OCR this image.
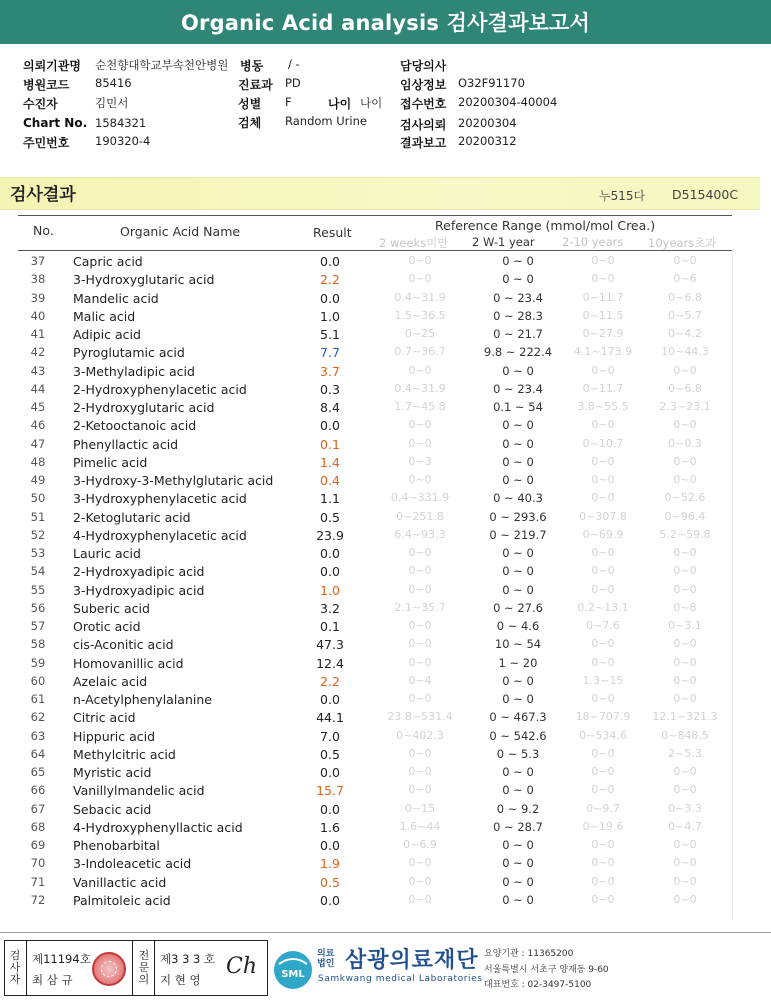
Organic Acid analysis 검사결과보고서
의뢰기관명 순천향대학교부속천안병원 병동 / -	담당의사
병원코드 85416	진료과 PD	임상정보 O32F91170
수진자	김민서	성별 F	나이 나이 접수번호 20200304-40004
Chart No. 1584321	검체 Random Urine	검사의뢰 20200304
주민번호 190320-4	결과보고 20200312
검사결과	누515다 D515400C
No.	Organic Acid Name	Result	Reference Range (mmol/mol Crea.)
2 weeks미만 2 W-1 year 2-10 years 10years초과
37	Capric acid	0.0	0~0	0 ~ 0	0~0	0~0
38	3-Hydroxyglutaric acid	2.2	0~0	0 ~ 0	0~0	0~6
39	Mandelic acid	0.0	0.4~31.9	0 ~ 23.4	0~11.7	0~6.8
40	Malic acid	1.0	1.5~36.5	0 ~ 28.3	0~11.5	0~5.7
41	Adipic acid	5.1	0~25	0 ~ 21.7	0~27.9	0~4.2
42	Pyroglutamic acid	7.7	0.7~36.7	9.8 ~ 222.4	4.1~173.9	10~44.3
43	3-Methyladipic acid	3.7	0~0	0 ~ 0	0~0	0~0
44	2-Hydroxyphenylacetic acid	0.3	0.4~31.9	0 ~ 23.4	0~11.7	0~6.8
45	2-Hydroxyglutaric acid	8.4	1.7~45.8	0.1 ~ 54	3.8~55.5	2.3~23.1
46	2-Ketooctanoic acid	0.0	0~0	0 ~ 0	0~0	0~0
47	Phenyllactic acid	0.1	0~0	0 ~ 0	0~10.7	0~0.3
48	Pimelic acid	1.4	0~3	0 ~ 0	0~0	0~0
49	3-Hydroxy-3-Methylglutaric acid	0.4	0~0	0 ~ 0	0~0	0~0
50	3-Hydroxyphenylacetic acid	1.1	0.4~331.9	0 ~ 40.3	0~0	0~52.6
51	2-Ketoglutaric acid	0.5	0~251.8	0 ~ 293.6	0~307.8	0~96.4
52	4-Hydroxyphenylacetic acid	23.9	6.4~93.3	0 ~ 219.7	0~69.9	5.2~59.8
53	Lauric acid	0.0	0~0	0 ~ 0	0~0	0~0
54	2-Hydroxyadipic acid	0.0	0~0	0 ~ 0	0~0	0~0
55	3-Hydroxyadipic acid	1.0	0~0	0 ~ 0	0~0	0~0
56	Suberic acid	3.2	2.1~35.7	0 ~ 27.6	0.2~13.1	0~8
57	Orotic acid	0.1	0~0	0 ~ 4.6	0~7.6	0~3.1
58	cis-Aconitic acid	47.3	0~0	10 ~ 54	0~0	0~0
59	Homovanillic acid	12.4	0~0	1 ~ 20	0~0	0~0
60	Azelaic acid	2.2	0~4	0 ~ 0	1.3~15	0~0
61	n-Acetylphenylalanine	0.0	0~0	0 ~ 0	0~0	0~0
62	Citric acid	44.1	23.8~531.4	0 ~ 467.3	18~707.9	12.1~321.3
63	Hippuric acid	7.0	0~402.3	0 ~ 542.6	0~534.6	0~848.5
64	Methylcitric acid	0.5	0~0	0 ~ 5.3	0~0	2~5.3
65	Myristic acid	0.0	0~0	0 ~ 0	0~0	0~0
66	Vanillylmandelic acid	15.7	0~0	0 ~ 0	0~0	0~0
67	Sebacic acid	0.0	0~15	0 ~ 9.2	0~9.7	0~3.3
68	4-Hydroxyphenyllactic acid	1.6	1.6~44	0 ~ 28.7	0~19.6	0~4.7
69	Phenobarbital	0.0	0~6.9	0 ~ 0	0~0	0~0
70	3-Indoleacetic acid	1.9	0~0	0 ~ 0	0~0	0~0
71	Vanillactic acid	0.5	0~0	0 ~ 0	0~0	0~0
72	Palmitoleic acid	0.0	0~0	0 ~ 0	0~0	0~0
검사자
제11194호
최 삼 규
전문의
제3 3 3 호
지 현 영
Ch SML
의료법인 삼광의료재단
Samkwang medical Laboratories
요양기관 : 11365200
서울특별시 서초구 양재동 9-60
대표번호 : 02-3497-5100
